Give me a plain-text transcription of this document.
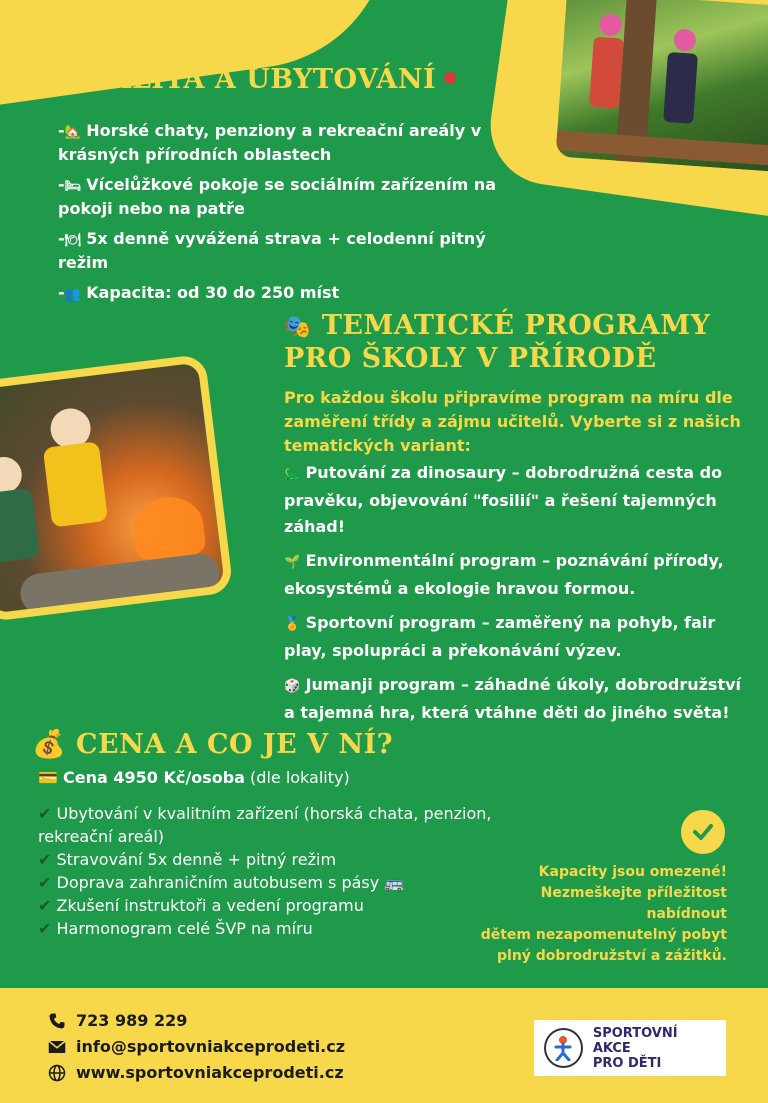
LOKALITA A UBYTOVÁNÍ
-🏡 Horské chaty, penziony a rekreační areály v krásných přírodních oblastech
-🛏 Vícelůžkové pokoje se sociálním zařízením na pokoji nebo na patře
-🍽 5x denně vyvážená strava + celodenní pitný režim
-👥 Kapacita: od 30 do 250 míst
🎭 TEMATICKÉ PROGRAMY
PRO ŠKOLY V PŘÍRODĚ

Pro každou školu připravíme program na míru dle zaměření třídy a zájmu učitelů. Vyberte si z našich tematických variant:

🦕 Putování za dinosaury – dobrodružná cesta do pravěku, objevování "fosilií" a řešení tajemných záhad!
🌱 Environmentální program – poznávání přírody, ekosystémů a ekologie hravou formou.
🏅 Sportovní program – zaměřený na pohyb, fair play, spolupráci a překonávání výzev.
🎲 Jumanji program – záhadné úkoly, dobrodružství a tajemná hra, která vtáhne děti do jiného světa!
💰 CENA A CO JE V NÍ?
💳 Cena 4950 Kč/osoba (dle lokality)
✔ Ubytování v kvalitním zařízení (horská chata, penzion, rekreační areál)
✔ Stravování 5x denně + pitný režim
✔ Doprava zahraničním autobusem s pásy 🚌
✔ Zkušení instruktoři a vedení programu
✔ Harmonogram celé ŠVP na míru
Kapacity jsou omezené!
Nezmeškejte příležitost nabídnout
dětem nezapomenutelný pobyt
plný dobrodružství a zážitků.
723 989 229
info@sportovniakceprodeti.cz
www.sportovniakceprodeti.cz
SPORTOVNÍ AKCE
PRO DĚTI
